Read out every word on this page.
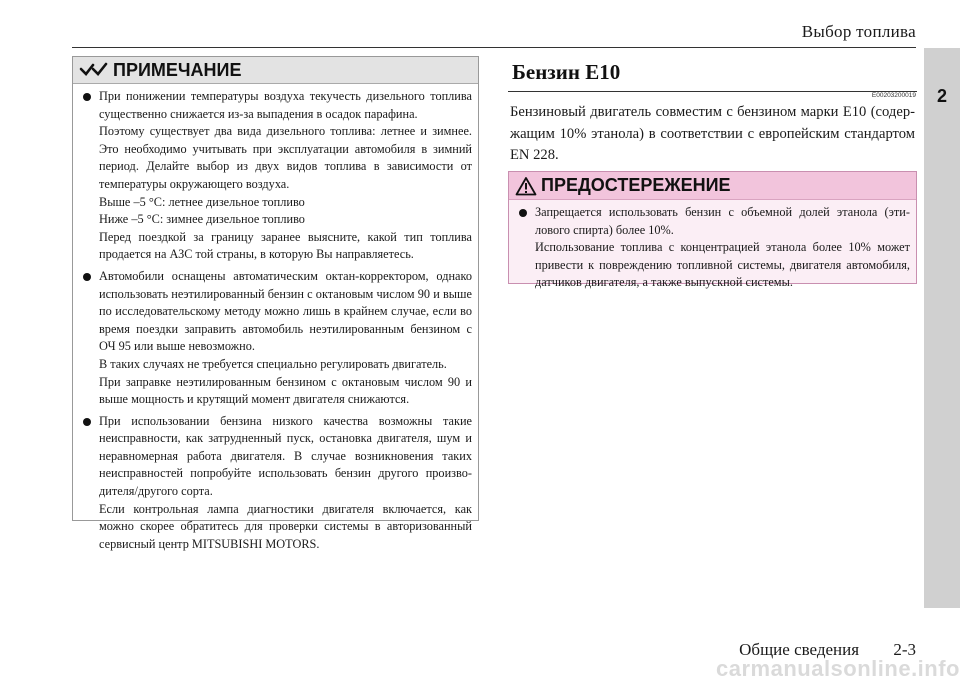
Выбор топлива
2
ПРИМЕЧАНИЕ

При понижении температуры воздуха текучесть дизельного топлива существенно снижается из-за выпадения в осадок парафина.

Поэтому существует два вида дизельного топлива: летнее и зимнее. Это необходимо учитывать при эксплуатации автомобиля в зимний период. Делайте выбор из двух видов топлива в зависимости от температуры окружающего воздуха.

Выше –5 °C: летнее дизельное топливо

Ниже –5 °C: зимнее дизельное топливо

Перед поездкой за границу заранее выясните, какой тип топлива продается на АЗС той страны, в которую Вы направляетесь.

Автомобили оснащены автоматическим октан-корректором, однако использовать неэтилированный бензин с октановым числом 90 и выше по исследовательскому методу можно лишь в крайнем случае, если во время поездки заправить автомобиль неэтилированным бензином с ОЧ 95 или выше невозможно.

В таких случаях не требуется специально регулировать двигатель.

При заправке неэтилированным бензином с октановым числом 90 и выше мощность и крутящий момент двигателя снижаются.

При использовании бензина низкого качества возможны такие неисправности, как затрудненный пуск, остановка двигателя, шум и неравномерная работа двигателя. В случае возникновения таких неисправностей попробуйте использовать бензин другого производителя/другого сорта.

Если контрольная лампа диагностики двигателя включается, как можно скорее обратитесь для проверки системы в авторизованный сервисный центр MITSUBISHI MOTORS.

Бензин E10
E00203200019

Бензиновый двигатель совместим с бензином марки E10 (содержащим 10% этанола) в соответствии с европейским стандартом EN 228.

ПРЕДОСТЕРЕЖЕНИЕ

Запрещается использовать бензин с объемной долей этанола (этилового спирта) более 10%.

Использование топлива с концентрацией этанола более 10% может привести к повреждению топливной системы, двигателя автомобиля, датчиков двигателя, а также выпускной системы.

Общие сведения 2-3
carmanualsonline.info
